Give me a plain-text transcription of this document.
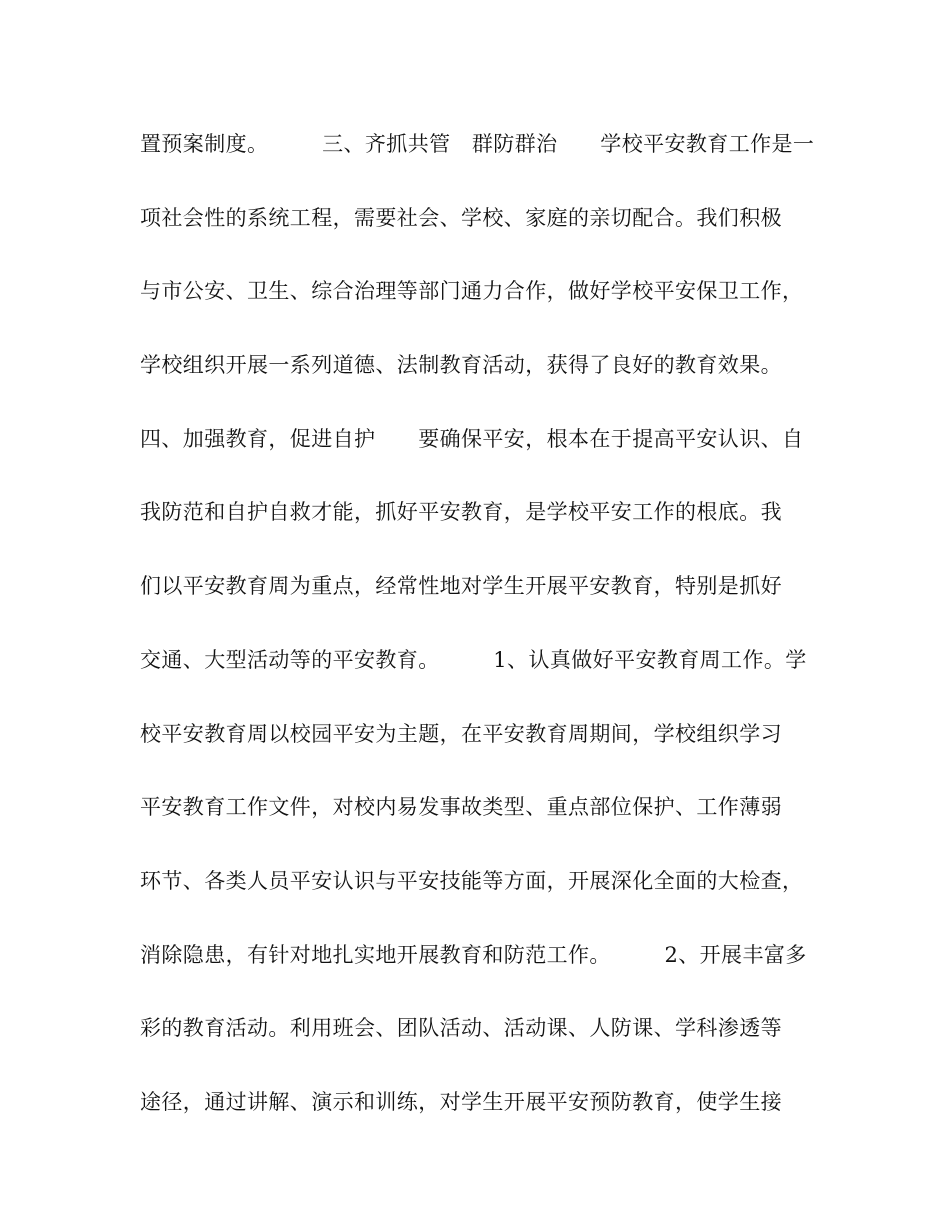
置预案制度。　　　三、齐抓共管　群防群治　　学校平安教育工作是一
项社会性的系统工程，需要社会、学校、家庭的亲切配合。我们积极
与市公安、卫生、综合治理等部门通力合作，做好学校平安保卫工作，
学校组织开展一系列道德、法制教育活动，获得了良好的教育效果。
四、加强教育，促进自护　　要确保平安，根本在于提高平安认识、自
我防范和自护自救才能，抓好平安教育，是学校平安工作的根底。我
们以平安教育周为重点，经常性地对学生开展平安教育，特别是抓好
交通、大型活动等的平安教育。　　　1、认真做好平安教育周工作。学
校平安教育周以校园平安为主题，在平安教育周期间，学校组织学习
平安教育工作文件，对校内易发事故类型、重点部位保护、工作薄弱
环节、各类人员平安认识与平安技能等方面，开展深化全面的大检查，
消除隐患，有针对地扎实地开展教育和防范工作。　　　2、开展丰富多
彩的教育活动。利用班会、团队活动、活动课、人防课、学科渗透等
途径，通过讲解、演示和训练，对学生开展平安预防教育，使学生接
